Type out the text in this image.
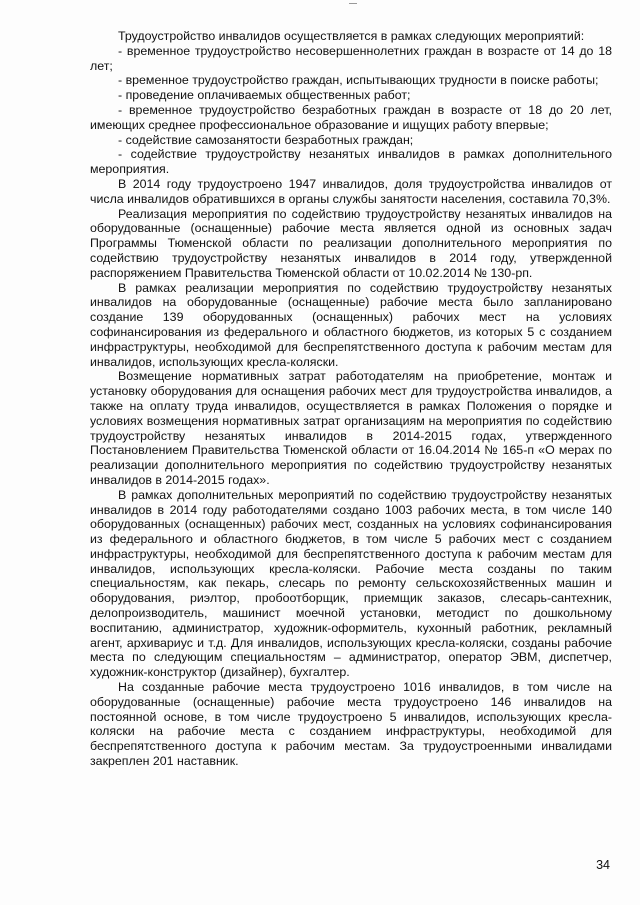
Трудоустройство инвалидов осуществляется в рамках следующих мероприятий:

- временное трудоустройство несовершеннолетних граждан в возрасте от 14 до 18 лет;

- временное трудоустройство граждан, испытывающих трудности в поиске работы;

- проведение оплачиваемых общественных работ;

- временное трудоустройство безработных граждан в возрасте от 18 до 20 лет, имеющих среднее профессиональное образование и ищущих работу впервые;

- содействие самозанятости безработных граждан;

- содействие трудоустройству незанятых инвалидов в рамках дополнительного мероприятия.

В 2014 году трудоустроено 1947 инвалидов, доля трудоустройства инвалидов от числа инвалидов обратившихся в органы службы занятости населения, составила 70,3%.

Реализация мероприятия по содействию трудоустройству незанятых инвалидов на оборудованные (оснащенные) рабочие места является одной из основных задач Программы Тюменской области по реализации дополнительного мероприятия по содействию трудоустройству незанятых инвалидов в 2014 году, утвержденной распоряжением Правительства Тюменской области от 10.02.2014 № 130-рп.

В рамках реализации мероприятия по содействию трудоустройству незанятых инвалидов на оборудованные (оснащенные) рабочие места было запланировано создание 139 оборудованных (оснащенных) рабочих мест на условиях софинансирования из федерального и областного бюджетов, из которых 5 с созданием инфраструктуры, необходимой для беспрепятственного доступа к рабочим местам для инвалидов, использующих кресла-коляски.

Возмещение нормативных затрат работодателям на приобретение, монтаж и установку оборудования для оснащения рабочих мест для трудоустройства инвалидов, а также на оплату труда инвалидов, осуществляется в рамках Положения о порядке и условиях возмещения нормативных затрат организациям на мероприятия по содействию трудоустройству незанятых инвалидов в 2014-2015 годах, утвержденного Постановлением Правительства Тюменской области от 16.04.2014 № 165-п «О мерах по реализации дополнительного мероприятия по содействию трудоустройству незанятых инвалидов в 2014-2015 годах».

В рамках дополнительных мероприятий по содействию трудоустройству незанятых инвалидов в 2014 году работодателями создано 1003 рабочих места, в том числе 140 оборудованных (оснащенных) рабочих мест, созданных на условиях софинансирования из федерального и областного бюджетов, в том числе 5 рабочих мест с созданием инфраструктуры, необходимой для беспрепятственного доступа к рабочим местам для инвалидов, использующих кресла-коляски. Рабочие места созданы по таким специальностям, как пекарь, слесарь по ремонту сельскохозяйственных машин и оборудования, риэлтор, пробоотборщик, приемщик заказов, слесарь-сантехник, делопроизводитель, машинист моечной установки, методист по дошкольному воспитанию, администратор, художник-оформитель, кухонный работник, рекламный агент, архивариус и т.д. Для инвалидов, использующих кресла-коляски, созданы рабочие места по следующим специальностям – администратор, оператор ЭВМ, диспетчер, художник-конструктор (дизайнер), бухгалтер.

На созданные рабочие места трудоустроено 1016 инвалидов, в том числе на оборудованные (оснащенные) рабочие места трудоустроено 146 инвалидов на постоянной основе, в том числе трудоустроено 5 инвалидов, использующих кресла-коляски на рабочие места с созданием инфраструктуры, необходимой для беспрепятственного доступа к рабочим местам. За трудоустроенными инвалидами закреплен 201 наставник.

34
